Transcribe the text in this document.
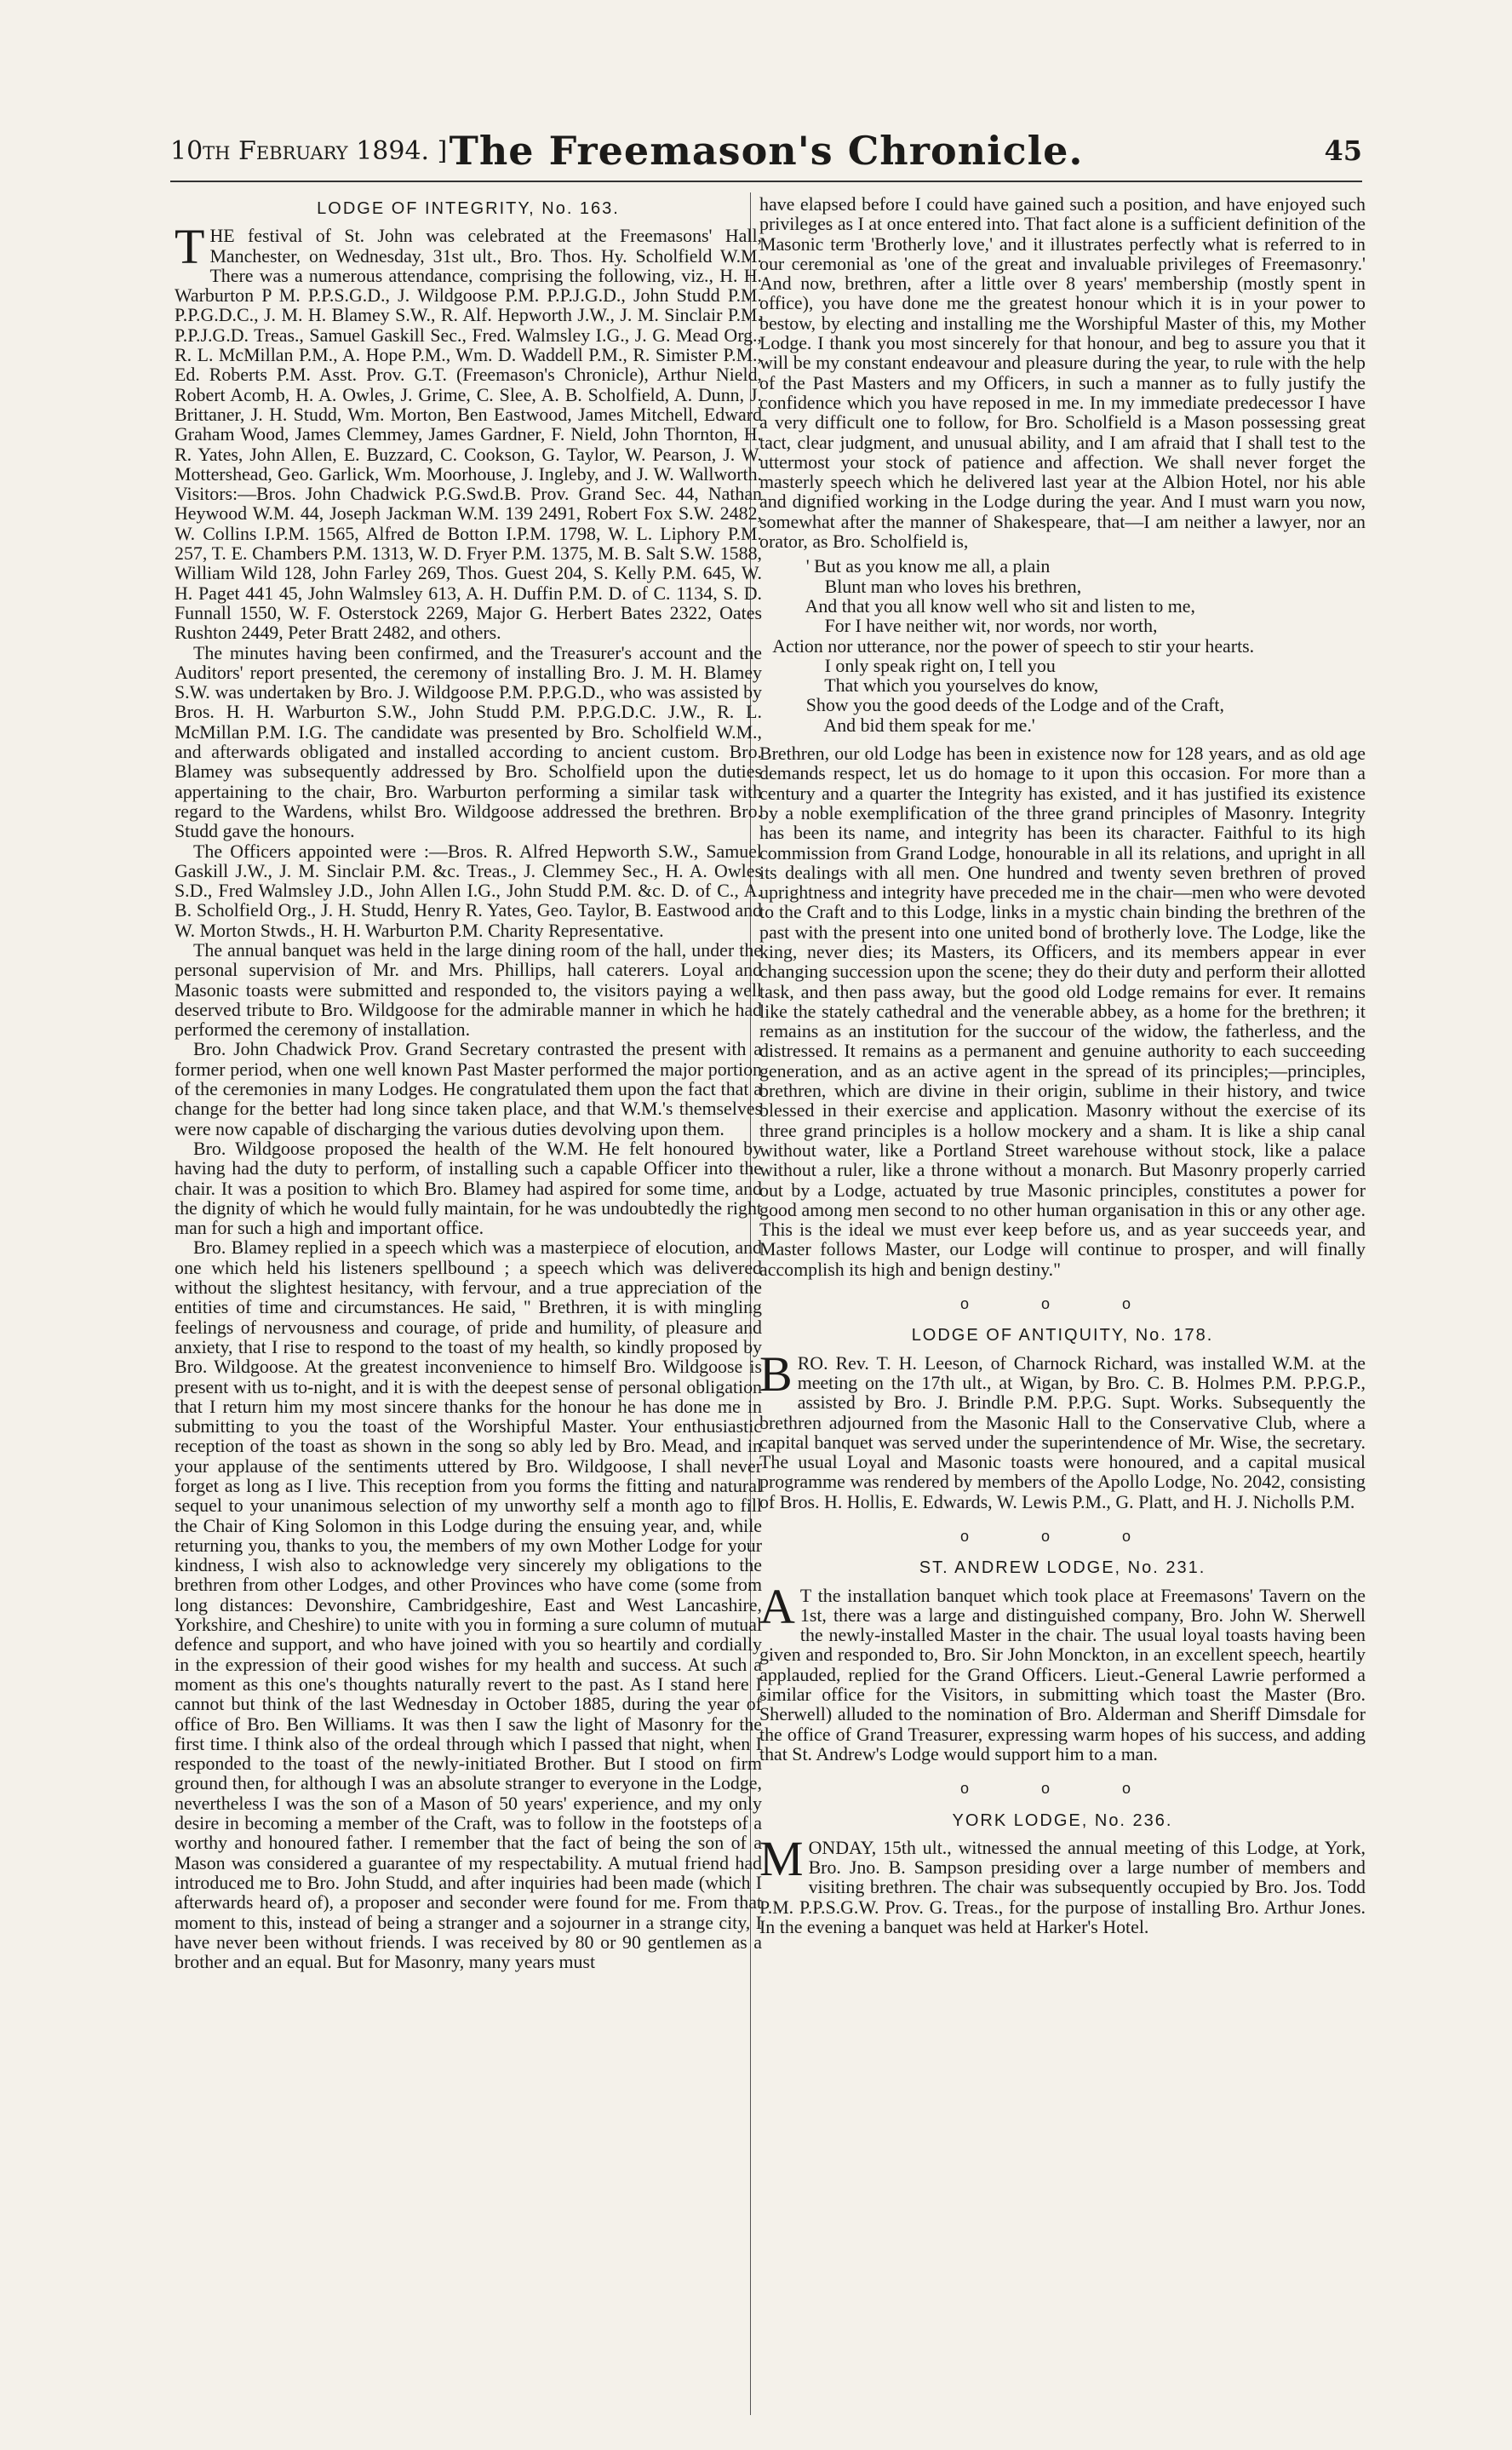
10th February 1894. ] The Freemason's Chronicle.	45
LODGE OF INTEGRITY, No. 163.

THE festival of St. John was celebrated at the Freemasons' Hall, Manchester, on Wednesday, 31st ult., Bro. Thos. Hy. Scholfield W.M. There was a numerous attendance, comprising the following, viz., H. H. Warburton P M. P.P.S.G.D., J. Wildgoose P.M. P.P.J.G.D., John Studd P.M. P.P.G.D.C., J. M. H. Blamey S.W., R. Alf. Hepworth J.W., J. M. Sinclair P.M. P.P.J.G.D. Treas., Samuel Gaskill Sec., Fred. Walmsley I.G., J. G. Mead Org., R. L. McMillan P.M., A. Hope P.M., Wm. D. Waddell P.M., R. Simister P.M., Ed. Roberts P.M. Asst. Prov. G.T. (Freemason's Chronicle), Arthur Nield, Robert Acomb, H. A. Owles, J. Grime, C. Slee, A. B. Scholfield, A. Dunn, J. Brittaner, J. H. Studd, Wm. Morton, Ben Eastwood, James Mitchell, Edward Graham Wood, James Clemmey, James Gardner, F. Nield, John Thornton, H. R. Yates, John Allen, E. Buzzard, C. Cookson, G. Taylor, W. Pearson, J. W. Mottershead, Geo. Garlick, Wm. Moorhouse, J. Ingleby, and J. W. Wallworth. Visitors:—Bros. John Chadwick P.G.Swd.B. Prov. Grand Sec. 44, Nathan Heywood W.M. 44, Joseph Jackman W.M. 139 2491, Robert Fox S.W. 2482, W. Collins I.P.M. 1565, Alfred de Botton I.P.M. 1798, W. L. Liphory P.M. 257, T. E. Chambers P.M. 1313, W. D. Fryer P.M. 1375, M. B. Salt S.W. 1588, William Wild 128, John Farley 269, Thos. Guest 204, S. Kelly P.M. 645, W. H. Paget 441 45, John Walmsley 613, A. H. Duffin P.M. D. of C. 1134, S. D. Funnall 1550, W. F. Osterstock 2269, Major G. Herbert Bates 2322, Oates Rushton 2449, Peter Bratt 2482, and others.

The minutes having been confirmed, and the Treasurer's account and the Auditors' report presented, the ceremony of installing Bro. J. M. H. Blamey S.W. was undertaken by Bro. J. Wildgoose P.M. P.P.G.D., who was assisted by Bros. H. H. Warburton S.W., John Studd P.M. P.P.G.D.C. J.W., R. L. McMillan P.M. I.G. The candidate was presented by Bro. Scholfield W.M., and afterwards obligated and installed according to ancient custom. Bro. Blamey was subsequently addressed by Bro. Scholfield upon the duties appertaining to the chair, Bro. Warburton performing a similar task with regard to the Wardens, whilst Bro. Wildgoose addressed the brethren. Bro. Studd gave the honours.

The Officers appointed were :—Bros. R. Alfred Hepworth S.W., Samuel Gaskill J.W., J. M. Sinclair P.M. &c. Treas., J. Clemmey Sec., H. A. Owles S.D., Fred Walmsley J.D., John Allen I.G., John Studd P.M. &c. D. of C., A. B. Scholfield Org., J. H. Studd, Henry R. Yates, Geo. Taylor, B. Eastwood and W. Morton Stwds., H. H. Warburton P.M. Charity Representative.

The annual banquet was held in the large dining room of the hall, under the personal supervision of Mr. and Mrs. Phillips, hall caterers. Loyal and Masonic toasts were submitted and responded to, the visitors paying a well deserved tribute to Bro. Wildgoose for the admirable manner in which he had performed the ceremony of installation.

Bro. John Chadwick Prov. Grand Secretary contrasted the present with a former period, when one well known Past Master performed the major portion of the ceremonies in many Lodges. He congratulated them upon the fact that a change for the better had long since taken place, and that W.M.'s themselves were now capable of discharging the various duties devolving upon them.

Bro. Wildgoose proposed the health of the W.M. He felt honoured by having had the duty to perform, of installing such a capable Officer into the chair. It was a position to which Bro. Blamey had aspired for some time, and the dignity of which he would fully maintain, for he was undoubtedly the right man for such a high and important office.

Bro. Blamey replied in a speech which was a masterpiece of elocution, and one which held his listeners spellbound ; a speech which was delivered without the slightest hesitancy, with fervour, and a true appreciation of the entities of time and circumstances. He said, " Brethren, it is with mingling feelings of nervousness and courage, of pride and humility, of pleasure and anxiety, that I rise to respond to the toast of my health, so kindly proposed by Bro. Wildgoose. At the greatest inconvenience to himself Bro. Wildgoose is present with us to-night, and it is with the deepest sense of personal obligation that I return him my most sincere thanks for the honour he has done me in submitting to you the toast of the Worshipful Master. Your enthusiastic reception of the toast as shown in the song so ably led by Bro. Mead, and in your applause of the sentiments uttered by Bro. Wildgoose, I shall never forget as long as I live. This reception from you forms the fitting and natural sequel to your unanimous selection of my unworthy self a month ago to fill the Chair of King Solomon in this Lodge during the ensuing year, and, while returning you, thanks to you, the members of my own Mother Lodge for your kindness, I wish also to acknowledge very sincerely my obligations to the brethren from other Lodges, and other Provinces who have come (some from long distances: Devonshire, Cambridgeshire, East and West Lancashire, Yorkshire, and Cheshire) to unite with you in forming a sure column of mutual defence and support, and who have joined with you so heartily and cordially in the expression of their good wishes for my health and success. At such a moment as this one's thoughts naturally revert to the past. As I stand here I cannot but think of the last Wednesday in October 1885, during the year of office of Bro. Ben Williams. It was then I saw the light of Masonry for the first time. I think also of the ordeal through which I passed that night, when I responded to the toast of the newly-initiated Brother. But I stood on firm ground then, for although I was an absolute stranger to everyone in the Lodge, nevertheless I was the son of a Mason of 50 years' experience, and my only desire in becoming a member of the Craft, was to follow in the footsteps of a worthy and honoured father. I remember that the fact of being the son of a Mason was considered a guarantee of my respectability. A mutual friend had introduced me to Bro. John Studd, and after inquiries had been made (which I afterwards heard of), a proposer and seconder were found for me. From that moment to this, instead of being a stranger and a sojourner in a strange city, I have never been without friends. I was received by 80 or 90 gentlemen as a brother and an equal. But for Masonry, many years must

have elapsed before I could have gained such a position, and have enjoyed such privileges as I at once entered into. That fact alone is a sufficient definition of the Masonic term 'Brotherly love,' and it illustrates perfectly what is referred to in our ceremonial as 'one of the great and invaluable privileges of Freemasonry.' And now, brethren, after a little over 8 years' membership (mostly spent in office), you have done me the greatest honour which it is in your power to bestow, by electing and installing me the Worshipful Master of this, my Mother Lodge. I thank you most sincerely for that honour, and beg to assure you that it will be my constant endeavour and pleasure during the year, to rule with the help of the Past Masters and my Officers, in such a manner as to fully justify the confidence which you have reposed in me. In my immediate predecessor I have a very difficult one to follow, for Bro. Scholfield is a Mason possessing great tact, clear judgment, and unusual ability, and I am afraid that I shall test to the uttermost your stock of patience and affection. We shall never forget the masterly speech which he delivered last year at the Albion Hotel, nor his able and dignified working in the Lodge during the year. And I must warn you now, somewhat after the manner of Shakespeare, that—I am neither a lawyer, nor an orator, as Bro. Scholfield is,

' But as you know me all, a plain
Blunt man who loves his brethren,
And that you all know well who sit and listen to me,
For I have neither wit, nor words, nor worth,
Action nor utterance, nor the power of speech to stir your hearts.
I only speak right on, I tell you
That which you yourselves do know,
Show you the good deeds of the Lodge and of the Craft,
And bid them speak for me.'

Brethren, our old Lodge has been in existence now for 128 years, and as old age demands respect, let us do homage to it upon this occasion. For more than a century and a quarter the Integrity has existed, and it has justified its existence by a noble exemplification of the three grand principles of Masonry. Integrity has been its name, and integrity has been its character. Faithful to its high commission from Grand Lodge, honourable in all its relations, and upright in all its dealings with all men. One hundred and twenty seven brethren of proved uprightness and integrity have preceded me in the chair—men who were devoted to the Craft and to this Lodge, links in a mystic chain binding the brethren of the past with the present into one united bond of brotherly love. The Lodge, like the king, never dies; its Masters, its Officers, and its members appear in ever changing succession upon the scene; they do their duty and perform their allotted task, and then pass away, but the good old Lodge remains for ever. It remains like the stately cathedral and the venerable abbey, as a home for the brethren; it remains as an institution for the succour of the widow, the fatherless, and the distressed. It remains as a permanent and genuine authority to each succeeding generation, and as an active agent in the spread of its principles;—principles, brethren, which are divine in their origin, sublime in their history, and twice blessed in their exercise and application. Masonry without the exercise of its three grand principles is a hollow mockery and a sham. It is like a ship canal without water, like a Portland Street warehouse without stock, like a palace without a ruler, like a throne without a monarch. But Masonry properly carried out by a Lodge, actuated by true Masonic principles, constitutes a power for good among men second to no other human organisation in this or any other age. This is the ideal we must ever keep before us, and as year succeeds year, and Master follows Master, our Lodge will continue to prosper, and will finally accomplish its high and benign destiny."

o o o
LODGE OF ANTIQUITY, No. 178.

BRO. Rev. T. H. Leeson, of Charnock Richard, was installed W.M. at the meeting on the 17th ult., at Wigan, by Bro. C. B. Holmes P.M. P.P.G.P., assisted by Bro. J. Brindle P.M. P.P.G. Supt. Works. Subsequently the brethren adjourned from the Masonic Hall to the Conservative Club, where a capital banquet was served under the superintendence of Mr. Wise, the secretary. The usual Loyal and Masonic toasts were honoured, and a capital musical programme was rendered by members of the Apollo Lodge, No. 2042, consisting of Bros. H. Hollis, E. Edwards, W. Lewis P.M., G. Platt, and H. J. Nicholls P.M.

o o o
ST. ANDREW LODGE, No. 231.

A T the installation banquet which took place at Freemasons' Tavern on the 1st, there was a large and distinguished company, Bro. John W. Sherwell the newly-installed Master in the chair. The usual loyal toasts having been given and responded to, Bro. Sir John Monckton, in an excellent speech, heartily applauded, replied for the Grand Officers. Lieut.-General Lawrie performed a similar office for the Visitors, in submitting which toast the Master (Bro. Sherwell) alluded to the nomination of Bro. Alderman and Sheriff Dimsdale for the office of Grand Treasurer, expressing warm hopes of his success, and adding that St. Andrew's Lodge would support him to a man.

o o o
YORK LODGE, No. 236.

MONDAY, 15th ult., witnessed the annual meeting of this Lodge, at York, Bro. Jno. B. Sampson presiding over a large number of members and visiting brethren. The chair was subsequently occupied by Bro. Jos. Todd P.M. P.P.S.G.W. Prov. G. Treas., for the purpose of installing Bro. Arthur Jones. In the evening a banquet was held at Harker's Hotel.
